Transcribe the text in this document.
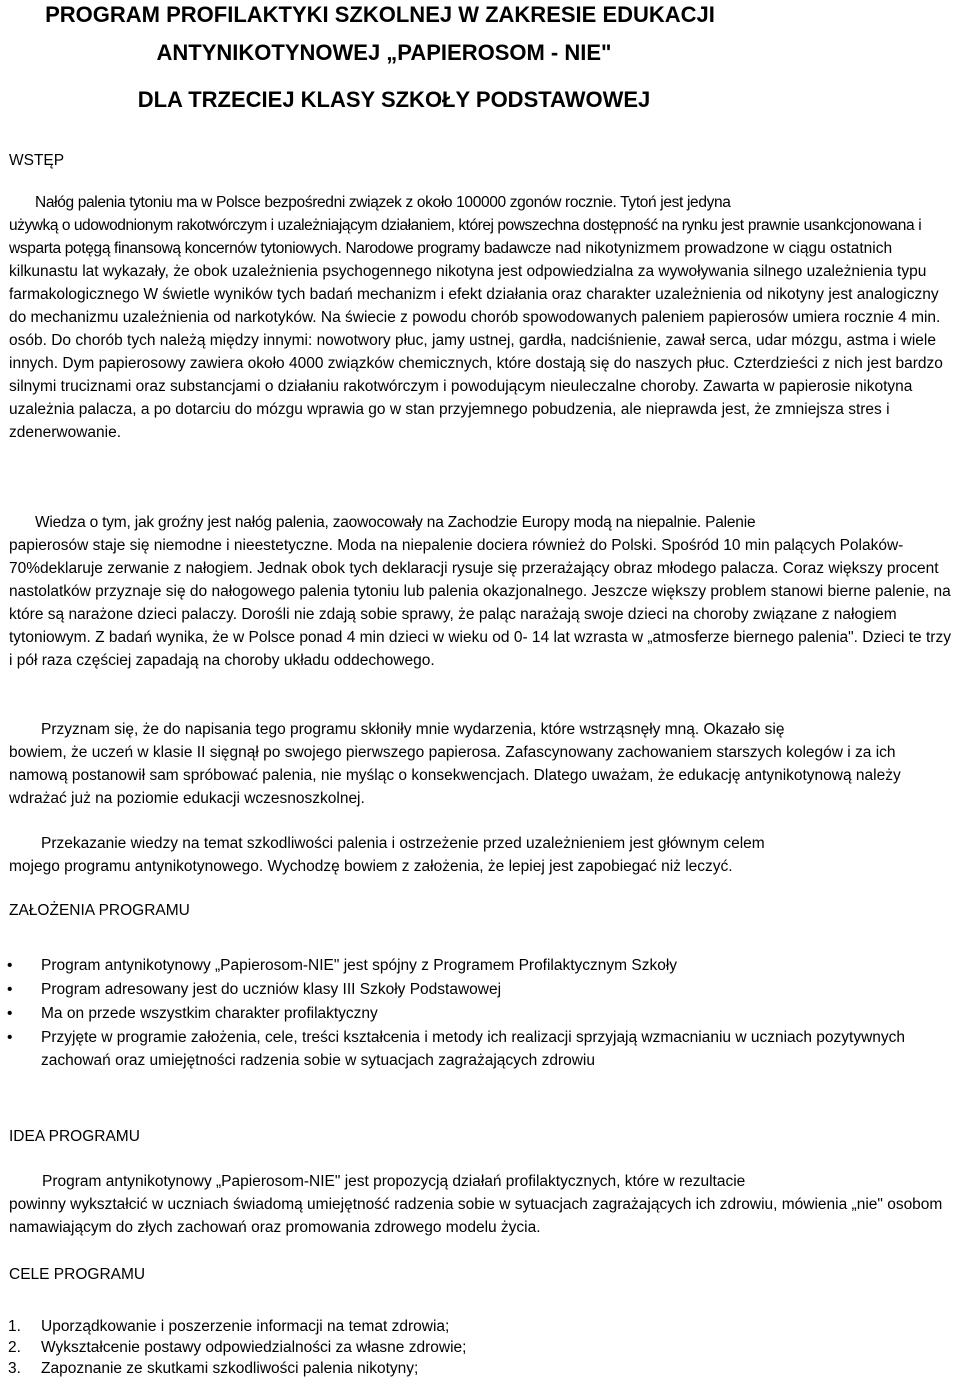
PROGRAM PROFILAKTYKI SZKOLNEJ W ZAKRESIE EDUKACJI
ANTYNIKOTYNOWEJ „PAPIEROSOM - NIE"
DLA TRZECIEJ KLASY SZKOŁY PODSTAWOWEJ
WSTĘP

Nałóg palenia tytoniu ma w Polsce bezpośredni związek z około 100000 zgonów rocznie. Tytoń jest jedyna
używką o udowodnionym rakotwórczym i uzależniającym działaniem, której powszechna dostępność na rynku jest prawnie usankcjonowana i wsparta potęgą finansową koncernów tytoniowych. Narodowe programy badawcze nad nikotynizmem prowadzone w ciągu ostatnich kilkunastu lat wykazały, że obok uzależnienia psychogennego nikotyna jest odpowiedzialna za wywoływania silnego uzależnienia typu farmakologicznego W świetle wyników tych badań mechanizm i efekt działania oraz charakter uzależnienia od nikotyny jest analogiczny do mechanizmu uzależnienia od narkotyków. Na świecie z powodu chorób spowodowanych paleniem papierosów umiera rocznie 4 min. osób. Do chorób tych należą między innymi: nowotwory płuc, jamy ustnej, gardła, nadciśnienie, zawał serca, udar mózgu, astma i wiele innych. Dym papierosowy zawiera około 4000 związków chemicznych, które dostają się do naszych płuc. Czterdzieści z nich jest bardzo silnymi truciznami oraz substancjami o działaniu rakotwórczym i powodującym nieuleczalne choroby. Zawarta w papierosie nikotyna uzależnia palacza, a po dotarciu do mózgu wprawia go w stan przyjemnego pobudzenia, ale nieprawda jest, że zmniejsza stres i zdenerwowanie.

Wiedza o tym, jak groźny jest nałóg palenia, zaowocowały na Zachodzie Europy modą na niepalnie. Palenie
papierosów staje się niemodne i nieestetyczne. Moda na niepalenie dociera również do Polski. Spośród 10 min palących Polaków- 70%deklaruje zerwanie z nałogiem. Jednak obok tych deklaracji rysuje się przerażający obraz młodego palacza. Coraz większy procent nastolatków przyznaje się do nałogowego palenia tytoniu lub palenia okazjonalnego. Jeszcze większy problem stanowi bierne palenie, na które są narażone dzieci palaczy. Dorośli nie zdają sobie sprawy, że paląc narażają swoje dzieci na choroby związane z nałogiem tytoniowym. Z badań wynika, że w Polsce ponad 4 min dzieci w wieku od 0- 14 lat wzrasta w „atmosferze biernego palenia". Dzieci te trzy i pół raza częściej zapadają na choroby układu oddechowego.

Przyznam się, że do napisania tego programu skłoniły mnie wydarzenia, które wstrząsnęły mną. Okazało się
bowiem, że uczeń w klasie II sięgnął po swojego pierwszego papierosa. Zafascynowany zachowaniem starszych kolegów i za ich namową postanowił sam spróbować palenia, nie myśląc o konsekwencjach. Dlatego uważam, że edukację antynikotynową należy wdrażać już na poziomie edukacji wczesnoszkolnej.

Przekazanie wiedzy na temat szkodliwości palenia i ostrzeżenie przed uzależnieniem jest głównym celem
mojego programu antynikotynowego. Wychodzę bowiem z założenia, że lepiej jest zapobiegać niż leczyć.

ZAŁOŻENIA PROGRAMU
• Program antynikotynowy „Papierosom-NIE" jest spójny z Programem Profilaktycznym Szkoły
• Program adresowany jest do uczniów klasy III Szkoły Podstawowej
• Ma on przede wszystkim charakter profilaktyczny
• Przyjęte w programie założenia, cele, treści kształcenia i metody ich realizacji sprzyjają wzmacnianiu w uczniach pozytywnych zachowań oraz umiejętności radzenia sobie w sytuacjach zagrażających zdrowiu
IDEA PROGRAMU

Program antynikotynowy „Papierosom-NIE" jest propozycją działań profilaktycznych, które w rezultacie
powinny wykształcić w uczniach świadomą umiejętność radzenia sobie w sytuacjach zagrażających ich zdrowiu, mówienia „nie" osobom namawiającym do złych zachowań oraz promowania zdrowego modelu życia.

CELE PROGRAMU
1. Uporządkowanie i poszerzenie informacji na temat zdrowia;
2. Wykształcenie postawy odpowiedzialności za własne zdrowie;
3. Zapoznanie ze skutkami szkodliwości palenia nikotyny;
